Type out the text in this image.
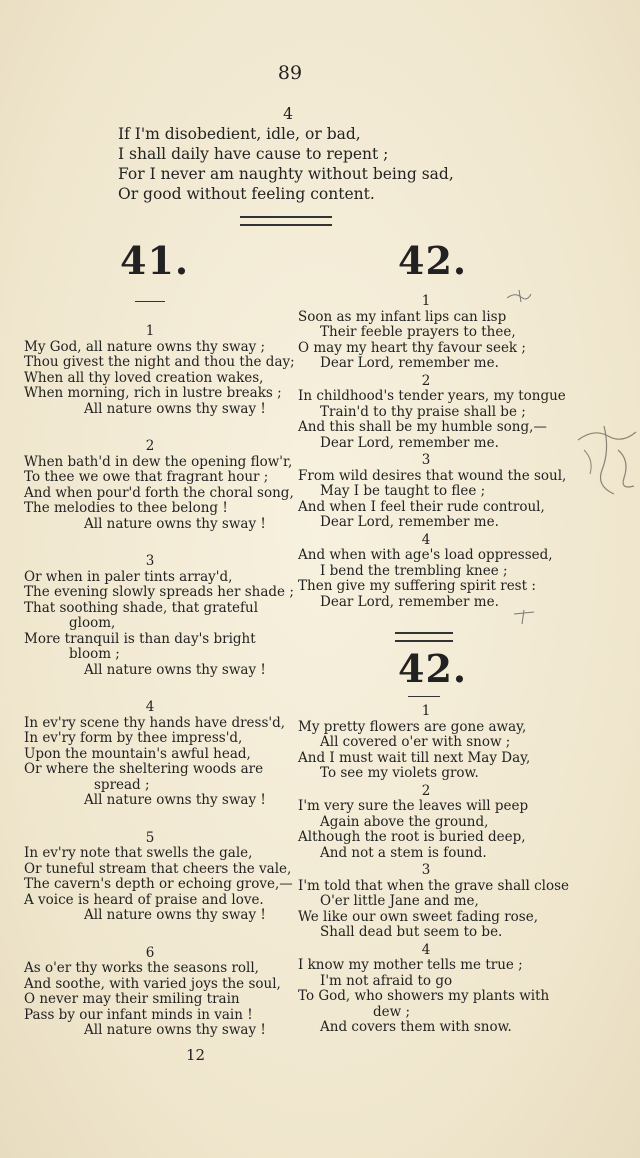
89
4
If I'm disobedient, idle, or bad,
I shall daily have cause to repent ;
For I never am naughty without being sad,
Or good without feeling content.
41.
1
My God, all nature owns thy sway ;
Thou givest the night and thou the day;
When all thy loved creation wakes,
When morning, rich in lustre breaks ;
All nature owns thy sway !
2
When bath'd in dew the opening flow'r,
To thee we owe that fragrant hour ;
And when pour'd forth the choral song,
The melodies to thee belong !
All nature owns thy sway !
3
Or when in paler tints array'd,
The evening slowly spreads her shade ;
That soothing shade, that grateful
gloom,
More tranquil is than day's bright
bloom ;
All nature owns thy sway !
4
In ev'ry scene thy hands have dress'd,
In ev'ry form by thee impress'd,
Upon the mountain's awful head,
Or where the sheltering woods are
spread ;
All nature owns thy sway !
5
In ev'ry note that swells the gale,
Or tuneful stream that cheers the vale,
The cavern's depth or echoing grove,—
A voice is heard of praise and love.
All nature owns thy sway !
6
As o'er thy works the seasons roll,
And soothe, with varied joys the soul,
O never may their smiling train
Pass by our infant minds in vain !
All nature owns thy sway !
42.
1
Soon as my infant lips can lisp
Their feeble prayers to thee,
O may my heart thy favour seek ;
Dear Lord, remember me.
2
In childhood's tender years, my tongue
Train'd to thy praise shall be ;
And this shall be my humble song,—
Dear Lord, remember me.
3
From wild desires that wound the soul,
May I be taught to flee ;
And when I feel their rude controul,
Dear Lord, remember me.
4
And when with age's load oppressed,
I bend the trembling knee ;
Then give my suffering spirit rest :
Dear Lord, remember me.
42.
1
My pretty flowers are gone away,
All covered o'er with snow ;
And I must wait till next May Day,
To see my violets grow.
2
I'm very sure the leaves will peep
Again above the ground,
Although the root is buried deep,
And not a stem is found.
3
I'm told that when the grave shall close
O'er little Jane and me,
We like our own sweet fading rose,
Shall dead but seem to be.
4
I know my mother tells me true ;
I'm not afraid to go
To God, who showers my plants with
dew ;
And covers them with snow.
12
